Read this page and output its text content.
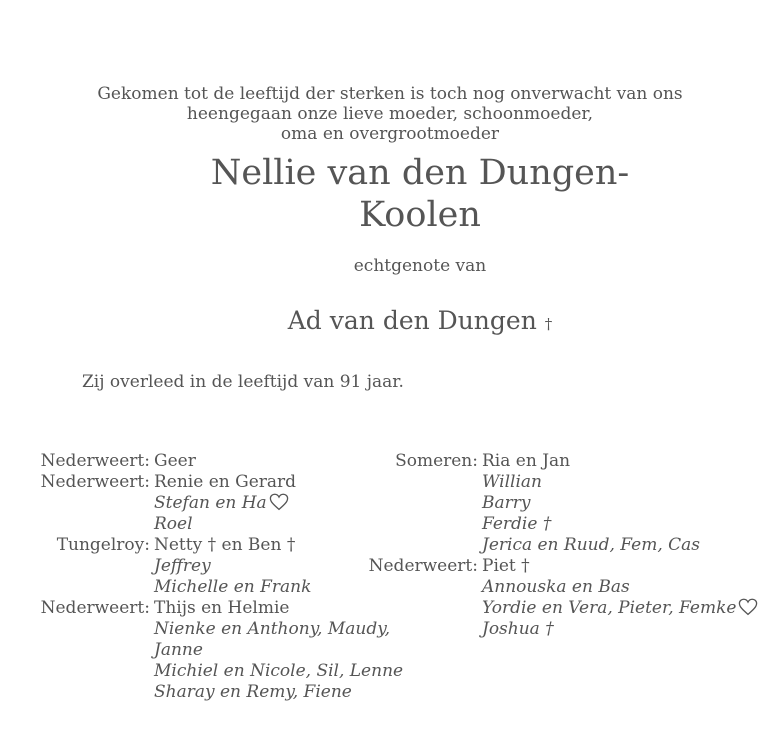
Gekomen tot de leeftijd der sterken is toch nog onverwacht van ons
heengegaan onze lieve moeder, schoonmoeder,
oma en overgrootmoeder
Nellie van den Dungen-
Koolen
echtgenote van
Ad van den Dungen †
Zij overleed in de leeftijd van 91 jaar.
Nederweert: Geer
Nederweert: Renie en Gerard
Stefan en Ha
Roel
Tungelroy: Netty † en Ben †
Jeffrey
Michelle en Frank
Nederweert: Thijs en Helmie
Nienke en Anthony, Maudy,
Janne
Michiel en Nicole, Sil, Lenne
Sharay en Remy, Fiene
Someren: Ria en Jan
Willian
Barry
Ferdie †
Jerica en Ruud, Fem, Cas
Nederweert: Piet †
Annouska en Bas
Yordie en Vera, Pieter, Femke
Joshua †
